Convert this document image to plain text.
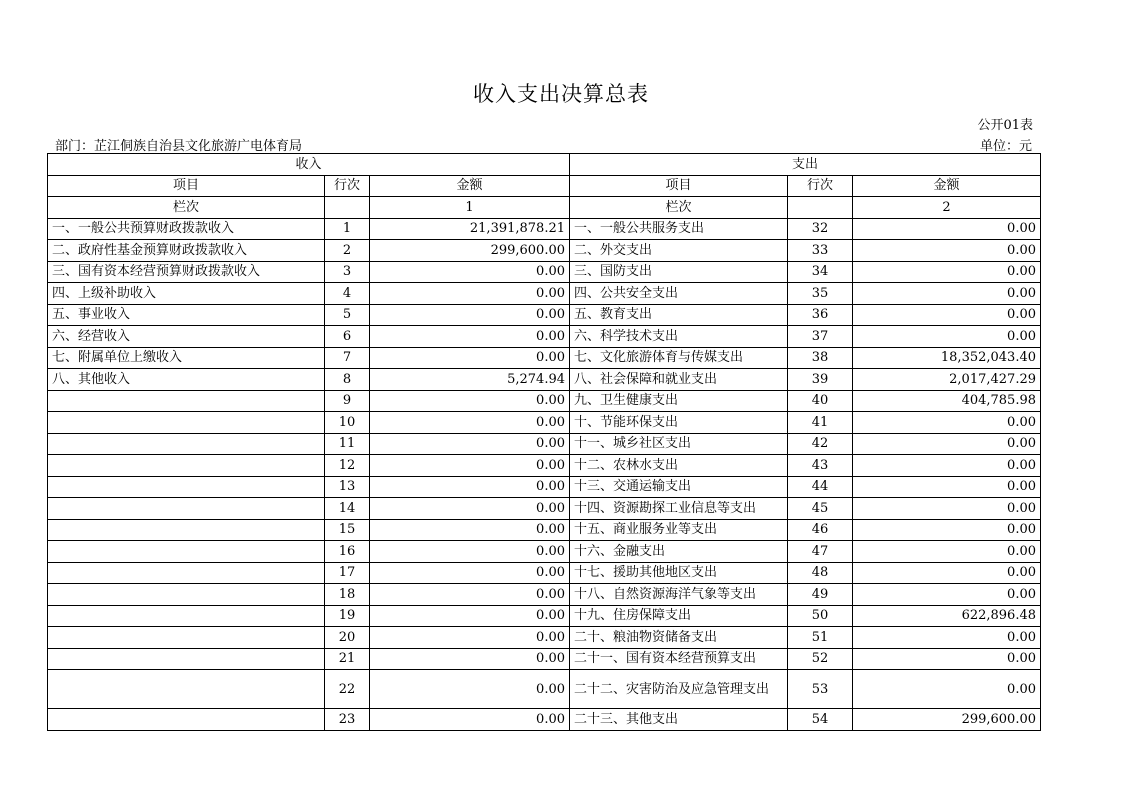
收入支出决算总表
公开01表
部门：芷江侗族自治县文化旅游广电体育局	单位：元
收入			支出		
项目	行次	金额	项目	行次	金额
栏次		1	栏次		2
一、一般公共预算财政拨款收入	1	21,391,878.21	一、一般公共服务支出	32	0.00
二、政府性基金预算财政拨款收入	2	299,600.00	二、外交支出	33	0.00
三、国有资本经营预算财政拨款收入	3	0.00	三、国防支出	34	0.00
四、上级补助收入	4	0.00	四、公共安全支出	35	0.00
五、事业收入	5	0.00	五、教育支出	36	0.00
六、经营收入	6	0.00	六、科学技术支出	37	0.00
七、附属单位上缴收入	7	0.00	七、文化旅游体育与传媒支出	38	18,352,043.40
八、其他收入	8	5,274.94	八、社会保障和就业支出	39	2,017,427.29
	9	0.00	九、卫生健康支出	40	404,785.98
	10	0.00	十、节能环保支出	41	0.00
	11	0.00	十一、城乡社区支出	42	0.00
	12	0.00	十二、农林水支出	43	0.00
	13	0.00	十三、交通运输支出	44	0.00
	14	0.00	十四、资源勘探工业信息等支出	45	0.00
	15	0.00	十五、商业服务业等支出	46	0.00
	16	0.00	十六、金融支出	47	0.00
	17	0.00	十七、援助其他地区支出	48	0.00
	18	0.00	十八、自然资源海洋气象等支出	49	0.00
	19	0.00	十九、住房保障支出	50	622,896.48
	20	0.00	二十、粮油物资储备支出	51	0.00
	21	0.00	二十一、国有资本经营预算支出	52	0.00
	22	0.00	二十二、灾害防治及应急管理支出	53	0.00
	23	0.00	二十三、其他支出	54	299,600.00
